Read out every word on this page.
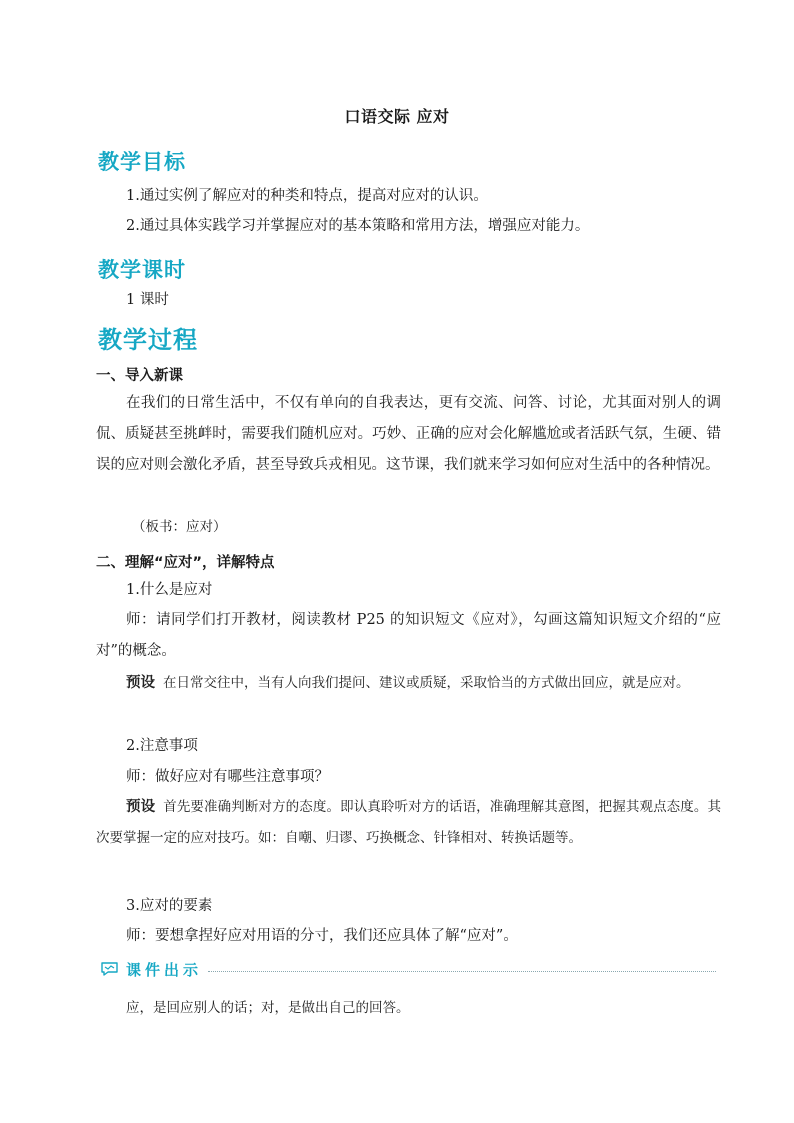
口语交际 应对
教学目标
1.通过实例了解应对的种类和特点，提高对应对的认识。
2.通过具体实践学习并掌握应对的基本策略和常用方法，增强应对能力。
教学课时
1 课时
教学过程
一、导入新课
在我们的日常生活中，不仅有单向的自我表达，更有交流、问答、讨论，尤其面对别人的调侃、质疑甚至挑衅时，需要我们随机应对。巧妙、正确的应对会化解尴尬或者活跃气氛，生硬、错误的应对则会激化矛盾，甚至导致兵戎相见。这节课，我们就来学习如何应对生活中的各种情况。
（板书：应对）
二、理解“应对”，详解特点
1.什么是应对
师：请同学们打开教材，阅读教材 P25 的知识短文《应对》，勾画这篇知识短文介绍的“应对”的概念。
预设 在日常交往中，当有人向我们提问、建议或质疑，采取恰当的方式做出回应，就是应对。
2.注意事项
师：做好应对有哪些注意事项？
预设 首先要准确判断对方的态度。即认真聆听对方的话语，准确理解其意图，把握其观点态度。其次要掌握一定的应对技巧。如：自嘲、归谬、巧换概念、针锋相对、转换话题等。
3.应对的要素
师：要想拿捏好应对用语的分寸，我们还应具体了解“应对”。
课件出示
应，是回应别人的话；对，是做出自己的回答。
